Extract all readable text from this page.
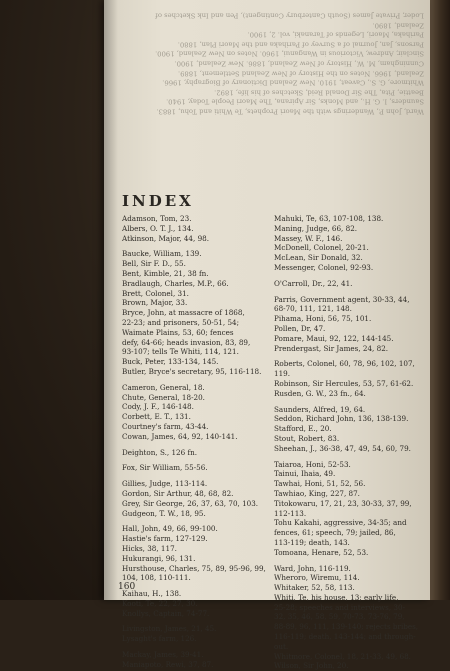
Ward, John P., Wanderings with the Maori Prophets, Te Whiti and Tohu, 1883.
Saunders, I. G. H., and Monks, Sir Apirana, The Maori People Today, 1940.
Beattie, Pita, The Sir Donald Reid, Sketches of his life, 1892.
Whitmore, G. S., Caveat, 1910. New Zealand Dictionary of Biography, 1966.
Zealand, 1966. Notes on the History of New Zealand Settlement, 1889.
Cunningham, M. W., History of New Zealand, 1886. New Zealand, 1900.
Sinclair, Andrew, Victorious in Wanganui, 1960. Notes on New Zealand, 1900.
Parsons, Jan, Journal of a Survey of Parihaka and the Maori Plan, 1880.
Parihaka, Maori, Legends of Taranaki, vol. 2, 1900.
Zealand, 1890.
Loder, Private James (South Canterbury Contingent), Pen and Ink Sketches of
INDEX
Adamson, Tom, 23.
Albers, O. T. J., 134.
Atkinson, Major, 44, 98.
Baucke, William, 139.
Bell, Sir F. D., 55.
Bent, Kimble, 21, 38 fn.
Bradlaugh, Charles, M.P., 66.
Brett, Colonel, 31.
Brown, Major, 33.
Bryce, John, at massacre of 1868,
22-23; and prisoners, 50-51, 54;
Waimate Plains, 53, 60; fences
defy, 64-66; heads invasion, 83, 89,
93-107; tells Te Whiti, 114, 121.
Buck, Peter, 133-134, 145.
Butler, Bryce's secretary, 95, 116-118.
Cameron, General, 18.
Chute, General, 18-20.
Cody, J. F., 146-148.
Corbett, E. T., 131.
Courtney's farm, 43-44.
Cowan, James, 64, 92, 140-141.
Deighton, S., 126 fn.
Fox, Sir William, 55-56.
Gillies, Judge, 113-114.
Gordon, Sir Arthur, 48, 68, 82.
Grey, Sir George, 26, 37, 63, 70, 103.
Gudgeon, T. W., 18, 95.
Hall, John, 49, 66, 99-100.
Hastie's farm, 127-129.
Hicks, 38, 117.
Hukurangi, 96, 131.
Hursthouse, Charles, 75, 89, 95-96, 99,
104, 108, 110-111.
Kaihau, H., 138.
Kooti, Te, 22, 27, 30.
Knollys, Captain, 74-77.
Livingston, James, 21, 45.
Lysaght's farm, 126.
Mackay, James, 39-41.
Maniapoto, Rewi, 37, 87.
Mahuki, Te, 63, 107-108, 138.
Maning, Judge, 66, 82.
Massey, W. F., 146.
McDonell, Colonel, 20-21.
McLean, Sir Donald, 32.
Messenger, Colonel, 92-93.
O'Carroll, Dr., 22, 41.
Parris, Government agent, 30-33, 44,
68-70, 111, 121, 148.
Pihama, Honi, 56, 75, 101.
Pollen, Dr, 47.
Pomare, Maui, 92, 122, 144-145.
Prendergast, Sir James, 24, 82.
Roberts, Colonel, 60, 78, 96, 102, 107,
119.
Robinson, Sir Hercules, 53, 57, 61-62.
Rusden, G. W., 23 fn., 64.
Saunders, Alfred, 19, 64.
Seddon, Richard John, 136, 138-139.
Stafford, E., 20.
Stout, Robert, 83.
Sheehan, J., 36-38, 47, 49, 54, 60, 79.
Taiaroa, Honi, 52-53.
Tainui, Ihaia, 49.
Tawhai, Honi, 51, 52, 56.
Tawhiao, King, 227, 87.
Titokowaru, 17, 21, 23, 30-33, 37, 99,
112-113.
Tohu Kakahi, aggressive, 34-35; and
fences, 61; speech, 79; jailed, 86,
113-119; death, 143.
Tomoana, Henare, 52, 53.
Ward, John, 116-119.
Wheroro, Wiremu, 114.
Whitaker, 52, 58, 113.
Whiti, Te, his house, 13; early life,
25-28; speeches and interviews, 30-
32, 35, 46, 58, 59, 70-73, 73-76, 79,
88-89, 96, 111, 139-140; rejects bribes,
116-119; death, 143-144; and through-
out.
Whitmore, Colonel, 18, 21-33, 49, 68.
Wilson, Sir John, 20.

160
